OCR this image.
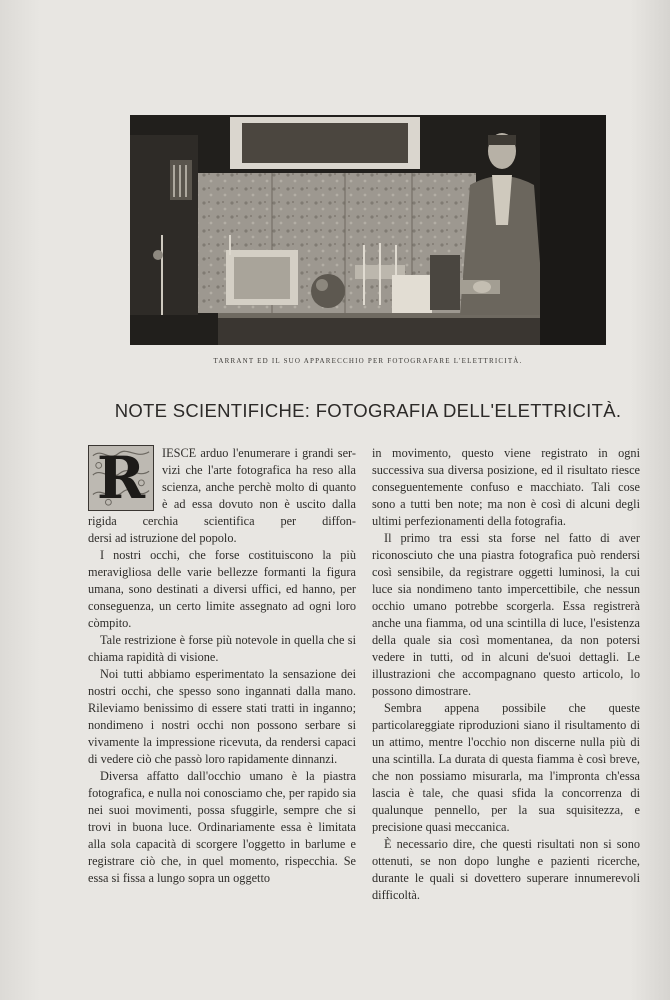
TARRANT ED IL SUO APPARECCHIO PER FOTOGRAFARE L'ELETTRICITÀ.
NOTE SCIENTIFICHE: FOTOGRAFIA DELL'ELETTRICITÀ.
R	IESCE arduo l'enumerare i grandi ser-
vizi che l'arte fotografica ha reso alla
scienza, anche perchè molto di quanto
è ad essa dovuto non è uscito dalla
rigida cerchia scientifica per diffon-

dersi ad istruzione del popolo.

I nostri occhi, che forse costituiscono la più meravigliosa delle varie bellezze formanti la figura umana, sono destinati a diversi uffici, ed hanno, per conseguenza, un certo limite assegnato ad ogni loro còmpito.

Tale restrizione è forse più notevole in quella che si chiama rapidità di visione.

Noi tutti abbiamo esperimentato la sensazione dei nostri occhi, che spesso sono ingannati dalla mano. Rileviamo benissimo di essere stati tratti in inganno; nondimeno i nostri occhi non possono serbare si vivamente la impressione ricevuta, da rendersi capaci di vedere ciò che passò loro rapidamente dinnanzi.

Diversa affatto dall'occhio umano è la piastra fotografica, e nulla noi conosciamo che, per rapido sia nei suoi movimenti, possa sfuggirle, sempre che si trovi in buona luce. Ordinariamente essa è limitata alla sola capacità di scorgere l'oggetto in barlume e registrare ciò che, in quel momento, rispecchia. Se essa si fissa a lungo sopra un oggetto

in movimento, questo viene registrato in ogni successiva sua diversa posizione, ed il risultato riesce conseguentemente confuso e macchiato. Tali cose sono a tutti ben note; ma non è così di alcuni degli ultimi perfezionamenti della fotografia.

Il primo tra essi sta forse nel fatto di aver riconosciuto che una piastra fotografica può rendersi così sensibile, da registrare oggetti luminosi, la cui luce sia nondimeno tanto impercettibile, che nessun occhio umano potrebbe scorgerla. Essa registrerà anche una fiamma, od una scintilla di luce, l'esistenza della quale sia così momentanea, da non potersi vedere in tutti, od in alcuni de'suoi dettagli. Le illustrazioni che accompagnano questo articolo, lo possono dimostrare.

Sembra appena possibile che queste particolareggiate riproduzioni siano il risultamento di un attimo, mentre l'occhio non discerne nulla più di una scintilla. La durata di questa fiamma è così breve, che non possiamo misurarla, ma l'impronta ch'essa lascia è tale, che quasi sfida la concorrenza di qualunque pennello, per la sua squisitezza, e precisione quasi meccanica.

È necessario dire, che questi risultati non si sono ottenuti, se non dopo lunghe e pazienti ricerche, durante le quali si dovettero superare innumerevoli difficoltà.
